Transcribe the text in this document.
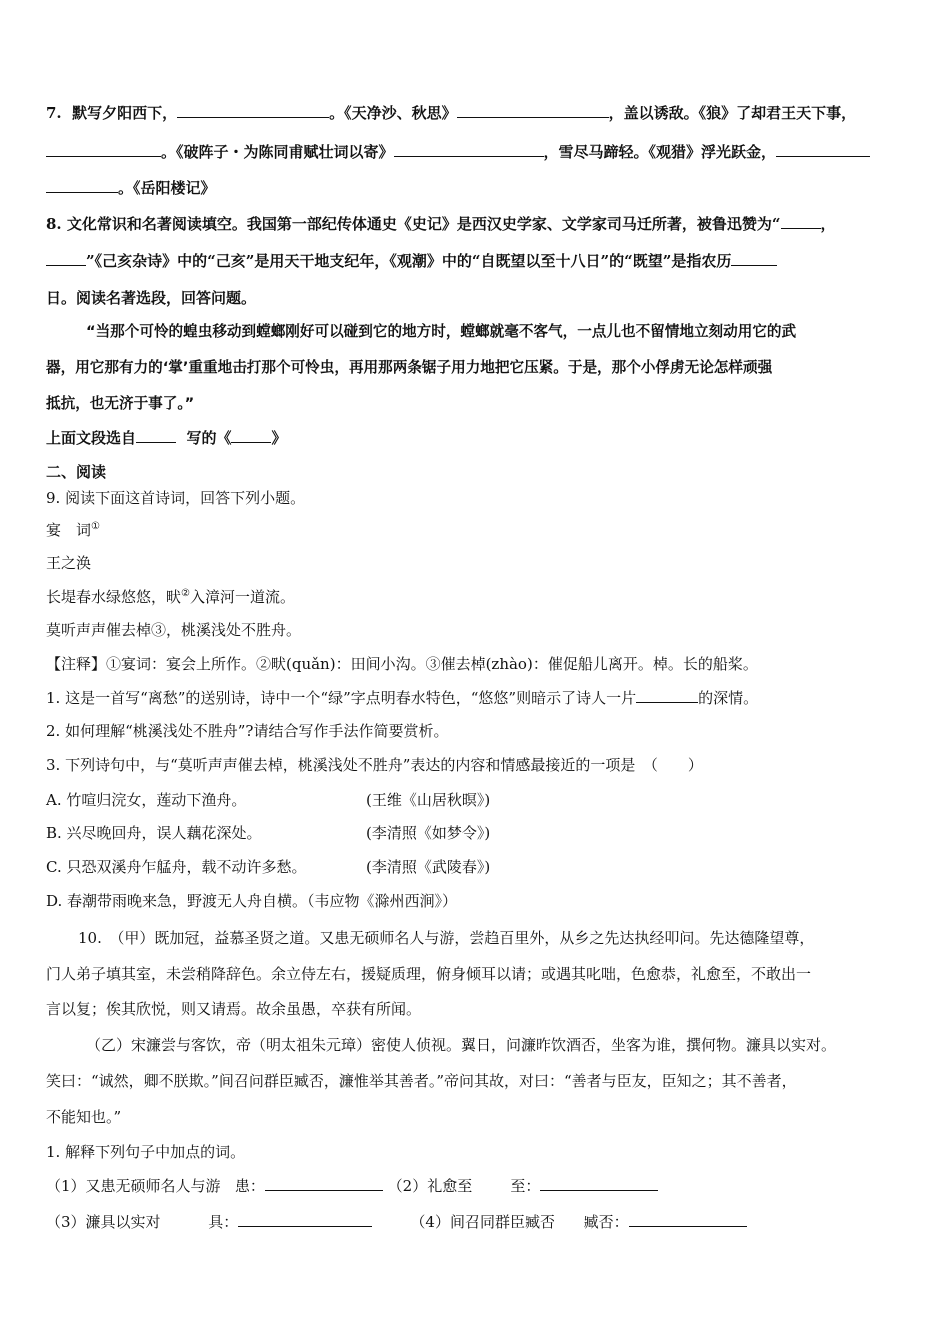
7. 默写夕阳西下，	。《天净沙、秋思》	，盖以诱敌。《狼》了却君王天下事，
。《破阵子・为陈同甫赋壮词以寄》	，雪尽马蹄轻。《观猎》浮光跃金，
。《岳阳楼记》
8. 文化常识和名著阅读填空。我国第一部纪传体通史《史记》是西汉史学家、文学家司马迁所著，被鲁迅赞为“	，
”《己亥杂诗》中的“己亥”是用天干地支纪年，《观潮》中的“自既望以至十八日”的“既望”是指农历
日。阅读名著选段，回答问题。
“当那个可怜的蝗虫移动到螳螂刚好可以碰到它的地方时，螳螂就毫不客气，一点儿也不留情地立刻动用它的武
器，用它那有力的‘掌’重重地击打那个可怜虫，再用那两条锯子用力地把它压紧。于是，那个小俘虏无论怎样顽强
抵抗，也无济于事了。”
上面文段选自	写的《	》
二、阅读
9. 阅读下面这首诗词，回答下列小题。
宴　词①
王之涣
长堤春水绿悠悠，畎②入漳河一道流。
莫听声声催去棹③，桃溪浅处不胜舟。
【注释】①宴词：宴会上所作。②畎(quǎn)：田间小沟。③催去棹(zhào)：催促船儿离开。棹。长的船桨。
1. 这是一首写“离愁”的送别诗，诗中一个“绿”字点明春水特色，“悠悠”则暗示了诗人一片	的深情。
2. 如何理解“桃溪浅处不胜舟”?请结合写作手法作简要赏析。
3. 下列诗句中，与“莫听声声催去棹，桃溪浅处不胜舟”表达的内容和情感最接近的一项是　（　　）
A. 竹喧归浣女，莲动下渔舟。	(王维《山居秋暝》)
B. 兴尽晚回舟，误人藕花深处。	(李清照《如梦令》)
C. 只恐双溪舟乍艋舟，载不动许多愁。	(李清照《武陵春》)
D. 春潮带雨晚来急，野渡无人舟自横。（韦应物《滁州西涧》）
10.　（甲）既加冠，益慕圣贤之道。又患无硕师名人与游，尝趋百里外，从乡之先达执经叩问。先达德隆望尊，
门人弟子填其室，未尝稍降辞色。余立侍左右，援疑质理，俯身倾耳以请；或遇其叱咄，色愈恭，礼愈至，不敢出一
言以复；俟其欣悦，则又请焉。故余虽愚，卒获有所闻。
（乙）宋濂尝与客饮，帝（明太祖朱元璋）密使人侦视。翼日，问濂昨饮酒否，坐客为谁，撰何物。濂具以实对。
笑曰：“诚然，卿不朕欺。”间召问群臣臧否，濂惟举其善者。”帝问其故，对曰：“善者与臣友，臣知之；其不善者，
不能知也。”
1. 解释下列句子中加点的词。
（1）又患无硕师名人与游 患：	（2）礼愈至	至：
（3）濂具以实对	具：	（4）间召同群臣臧否 臧否：
